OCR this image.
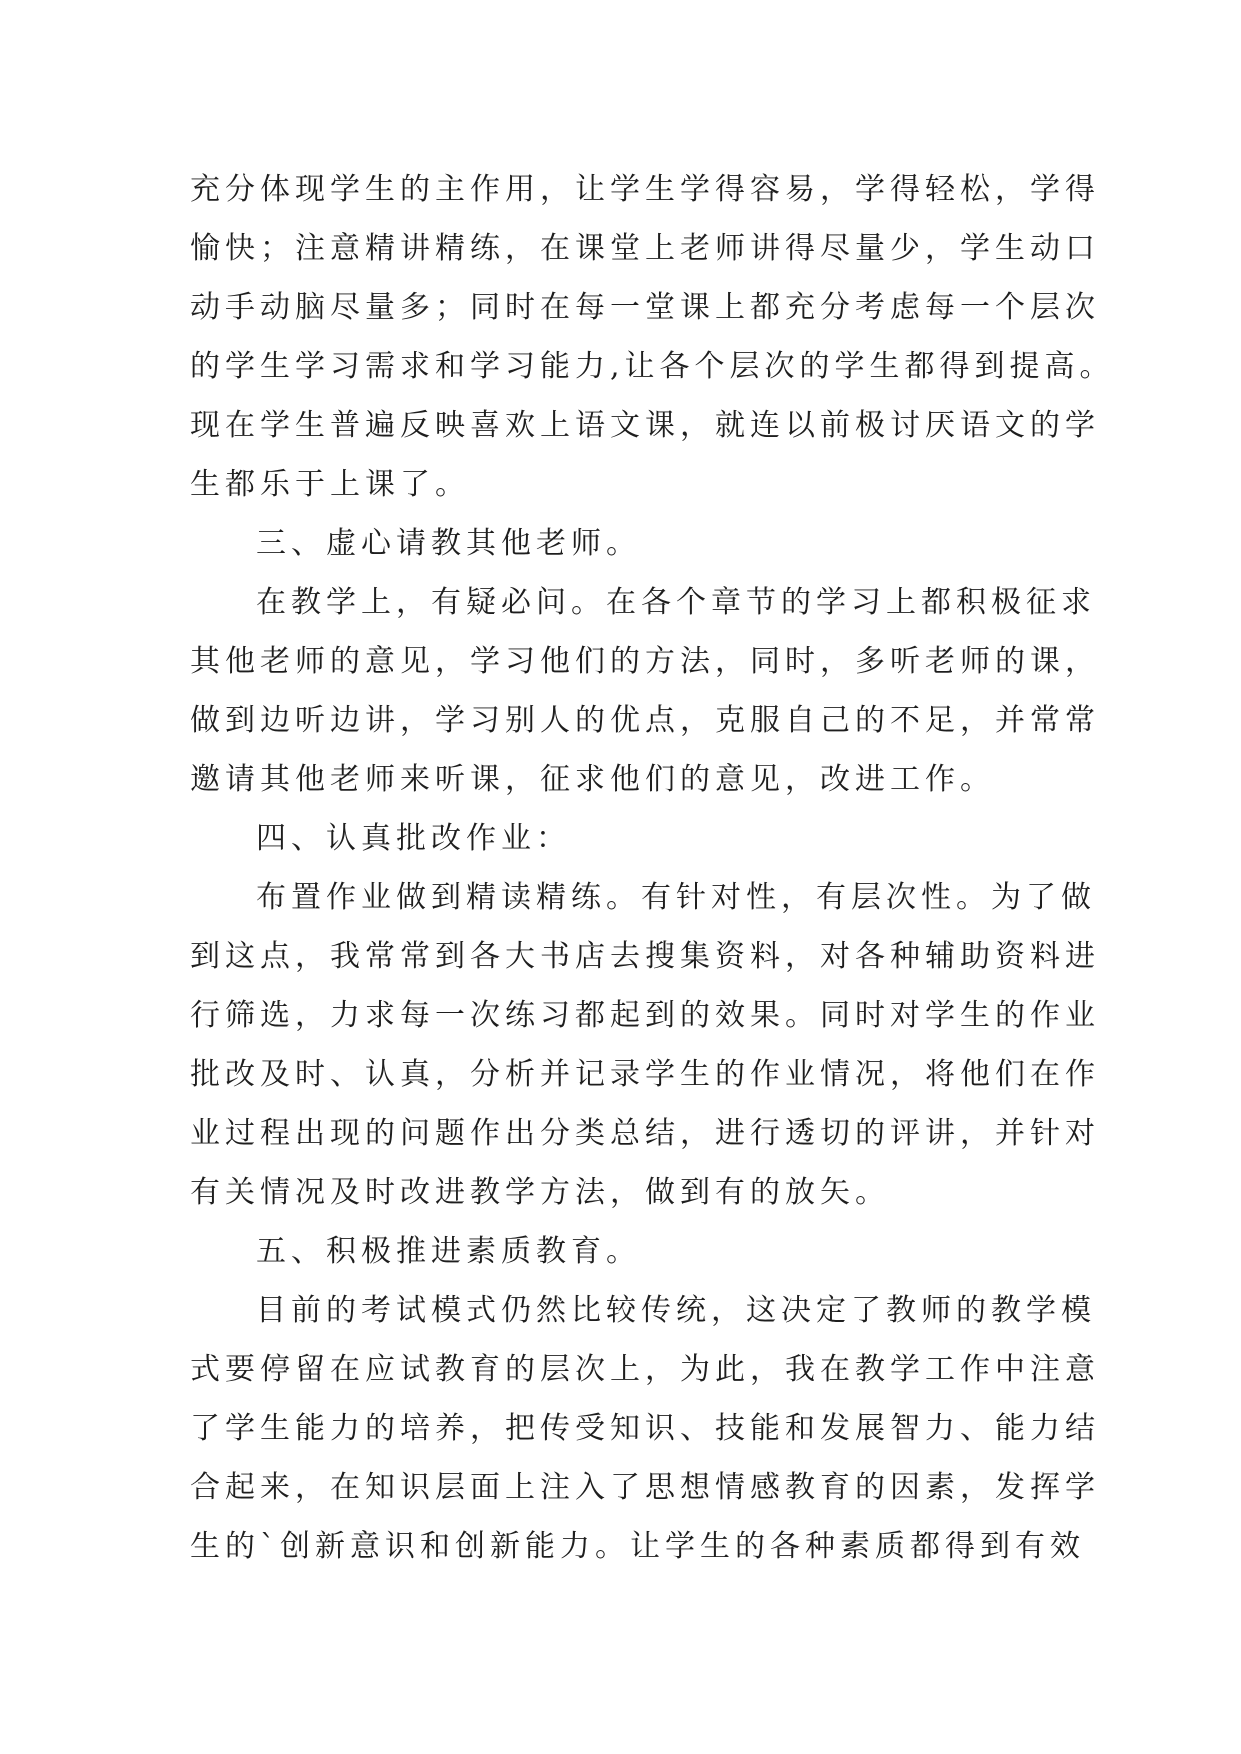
充分体现学生的主作用，让学生学得容易，学得轻松，学得
愉快；注意精讲精练，在课堂上老师讲得尽量少，学生动口
动手动脑尽量多；同时在每一堂课上都充分考虑每一个层次
的学生学习需求和学习能力,让各个层次的学生都得到提高。
现在学生普遍反映喜欢上语文课，就连以前极讨厌语文的学
生都乐于上课了。
三、虚心请教其他老师。
在教学上，有疑必问。在各个章节的学习上都积极征求
其他老师的意见，学习他们的方法，同时，多听老师的课，
做到边听边讲，学习别人的优点，克服自己的不足，并常常
邀请其他老师来听课，征求他们的意见，改进工作。
四、认真批改作业：
布置作业做到精读精练。有针对性，有层次性。为了做
到这点，我常常到各大书店去搜集资料，对各种辅助资料进
行筛选，力求每一次练习都起到的效果。同时对学生的作业
批改及时、认真，分析并记录学生的作业情况，将他们在作
业过程出现的问题作出分类总结，进行透切的评讲，并针对
有关情况及时改进教学方法，做到有的放矢。
五、积极推进素质教育。
目前的考试模式仍然比较传统，这决定了教师的教学模
式要停留在应试教育的层次上，为此，我在教学工作中注意
了学生能力的培养，把传受知识、技能和发展智力、能力结
合起来，在知识层面上注入了思想情感教育的因素，发挥学
生的`创新意识和创新能力。让学生的各种素质都得到有效
